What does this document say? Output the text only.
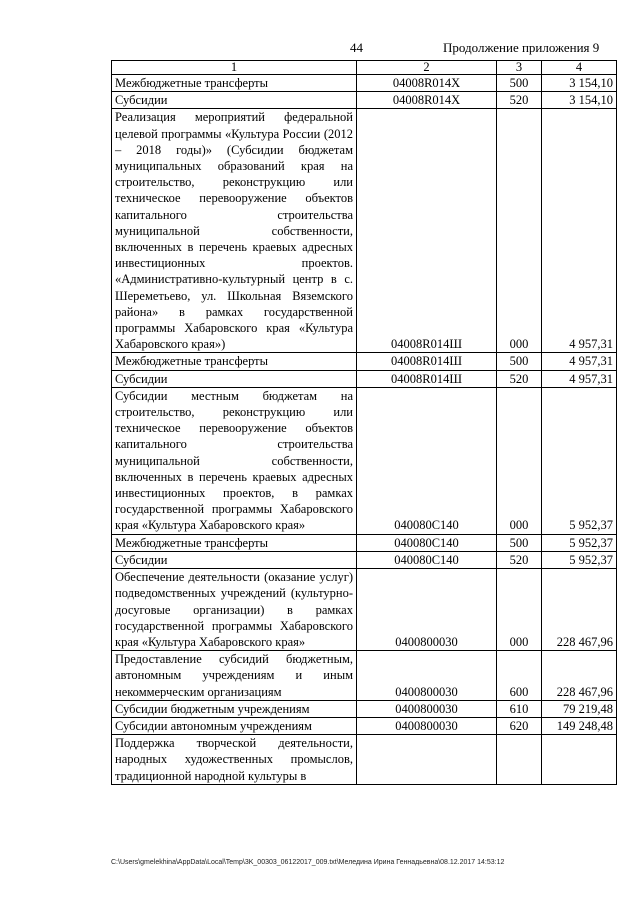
44	Продолжение приложения 9
1	2	3	4
Межбюджетные трансферты	04008R014X	500	3 154,10
Субсидии	04008R014X	520	3 154,10
Реализация мероприятий федеральной целевой программы «Культура России (2012 – 2018 годы)» (Субсидии бюджетам муниципальных образований края на строительство, реконструкцию или техническое перевооружение объектов капитального строительства муниципальной собственности, включенных в перечень краевых адресных инвестиционных проектов. «Административно-культурный центр в с. Шереметьево, ул. Школьная Вяземского района» в рамках государственной программы Хабаровского края «Культура Хабаровского края»)	04008R014Ш	000	4 957,31
Межбюджетные трансферты	04008R014Ш	500	4 957,31
Субсидии	04008R014Ш	520	4 957,31
Субсидии местным бюджетам на строительство, реконструкцию или техническое перевооружение объектов капитального строительства муниципальной собственности, включенных в перечень краевых адресных инвестиционных проектов, в рамках государственной программы Хабаровского края «Культура Хабаровского края»	040080С140	000	5 952,37
Межбюджетные трансферты	040080С140	500	5 952,37
Субсидии	040080С140	520	5 952,37
Обеспечение деятельности (оказание услуг) подведомственных учреждений (культурно-досуговые организации) в рамках государственной программы Хабаровского края «Культура Хабаровского края»	0400800030	000	228 467,96
Предоставление субсидий бюджетным, автономным учреждениям и иным некоммерческим организациям	0400800030	600	228 467,96
Субсидии бюджетным учреждениям	0400800030	610	79 219,48
Субсидии автономным учреждениям	0400800030	620	149 248,48
Поддержка творческой деятельности, народных художественных промыслов, традиционной народной культуры в			
C:\Users\gmelekhina\AppData\Local\Temp\3K_00303_06122017_009.txt\Меледина Ирина Геннадьевна\08.12.2017 14:53:12
